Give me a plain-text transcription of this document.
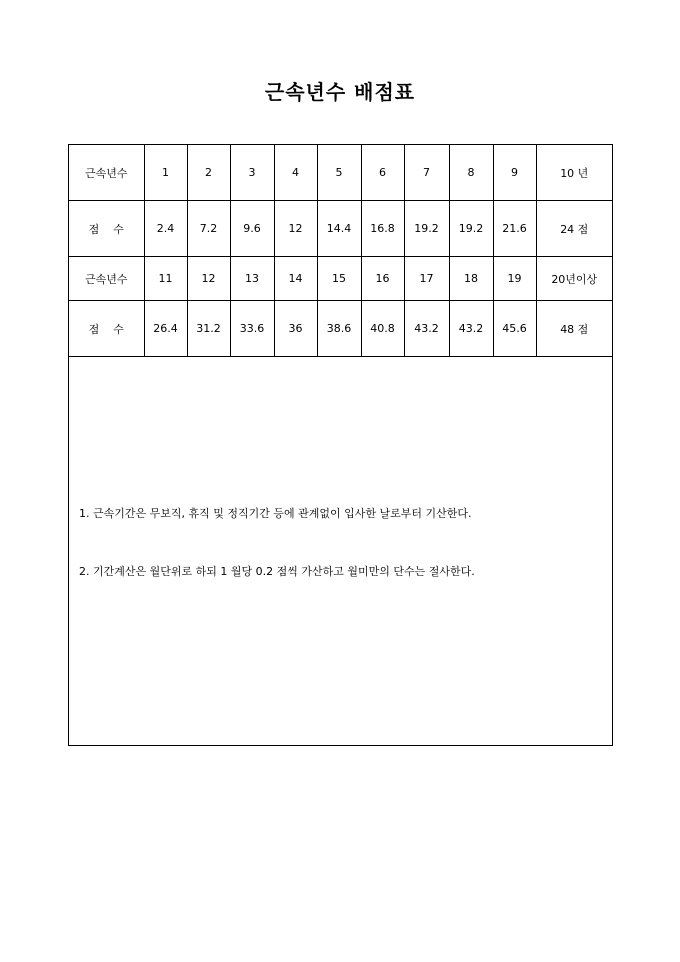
근속년수 배점표
근속년수	1	2	3	4	5	6	7	8	9	10 년
점    수	2.4	7.2	9.6	12	14.4	16.8	19.2	19.2	21.6	24 점
근속년수	11	12	13	14	15	16	17	18	19	20년이상
점    수	26.4	31.2	33.6	36	38.6	40.8	43.2	43.2	45.6	48 점

1. 근속기간은 무보직, 휴직 및 정직기간 등에 관계없이 입사한 날로부터 기산한다.

2. 기간계산은 월단위로 하되 1 월당 0.2 점씩 가산하고 월미만의 단수는 절사한다.
